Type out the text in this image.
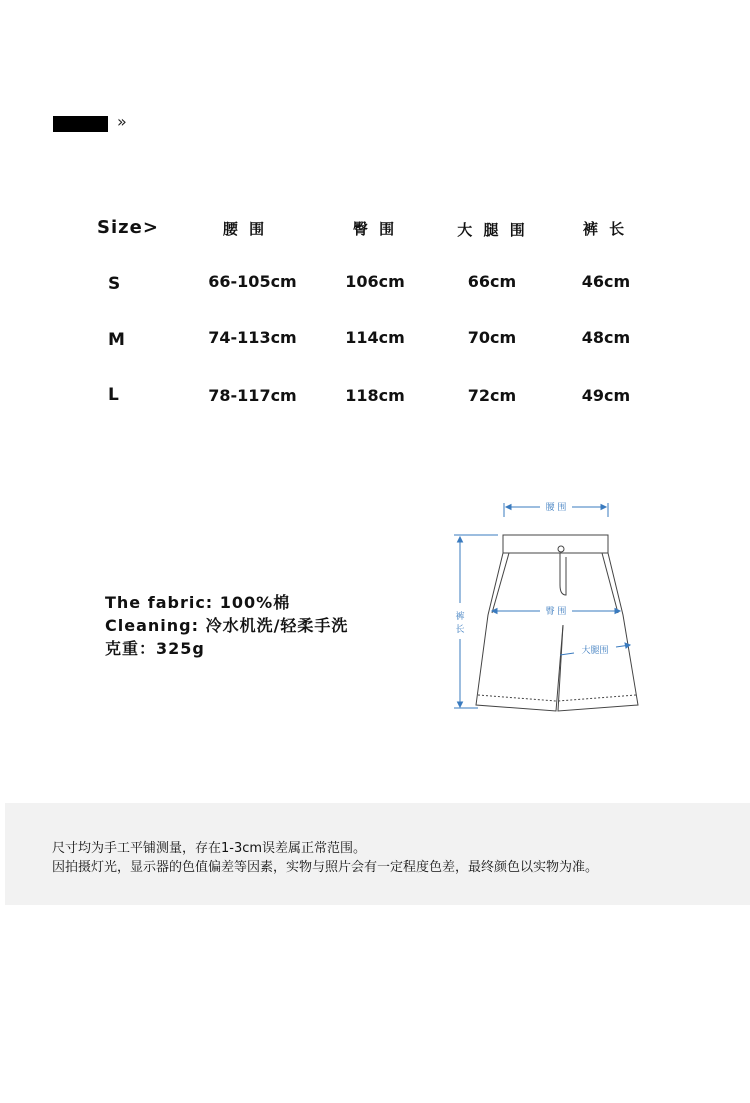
»
Size>	腰 围	臀 围	大 腿 围	裤 长
S	66-105cm	106cm	66cm	46cm
M	74-113cm	114cm	70cm	48cm
L	78-117cm	118cm	72cm	49cm
The fabric: 100%棉
Cleaning: 冷水机洗/轻柔手洗
克重：325g
腰 围
臀 围
大腿围
裤
长
尺寸均为手工平铺测量，存在1-3cm误差属正常范围。
因拍摄灯光，显示器的色值偏差等因素，实物与照片会有一定程度色差，最终颜色以实物为准。
